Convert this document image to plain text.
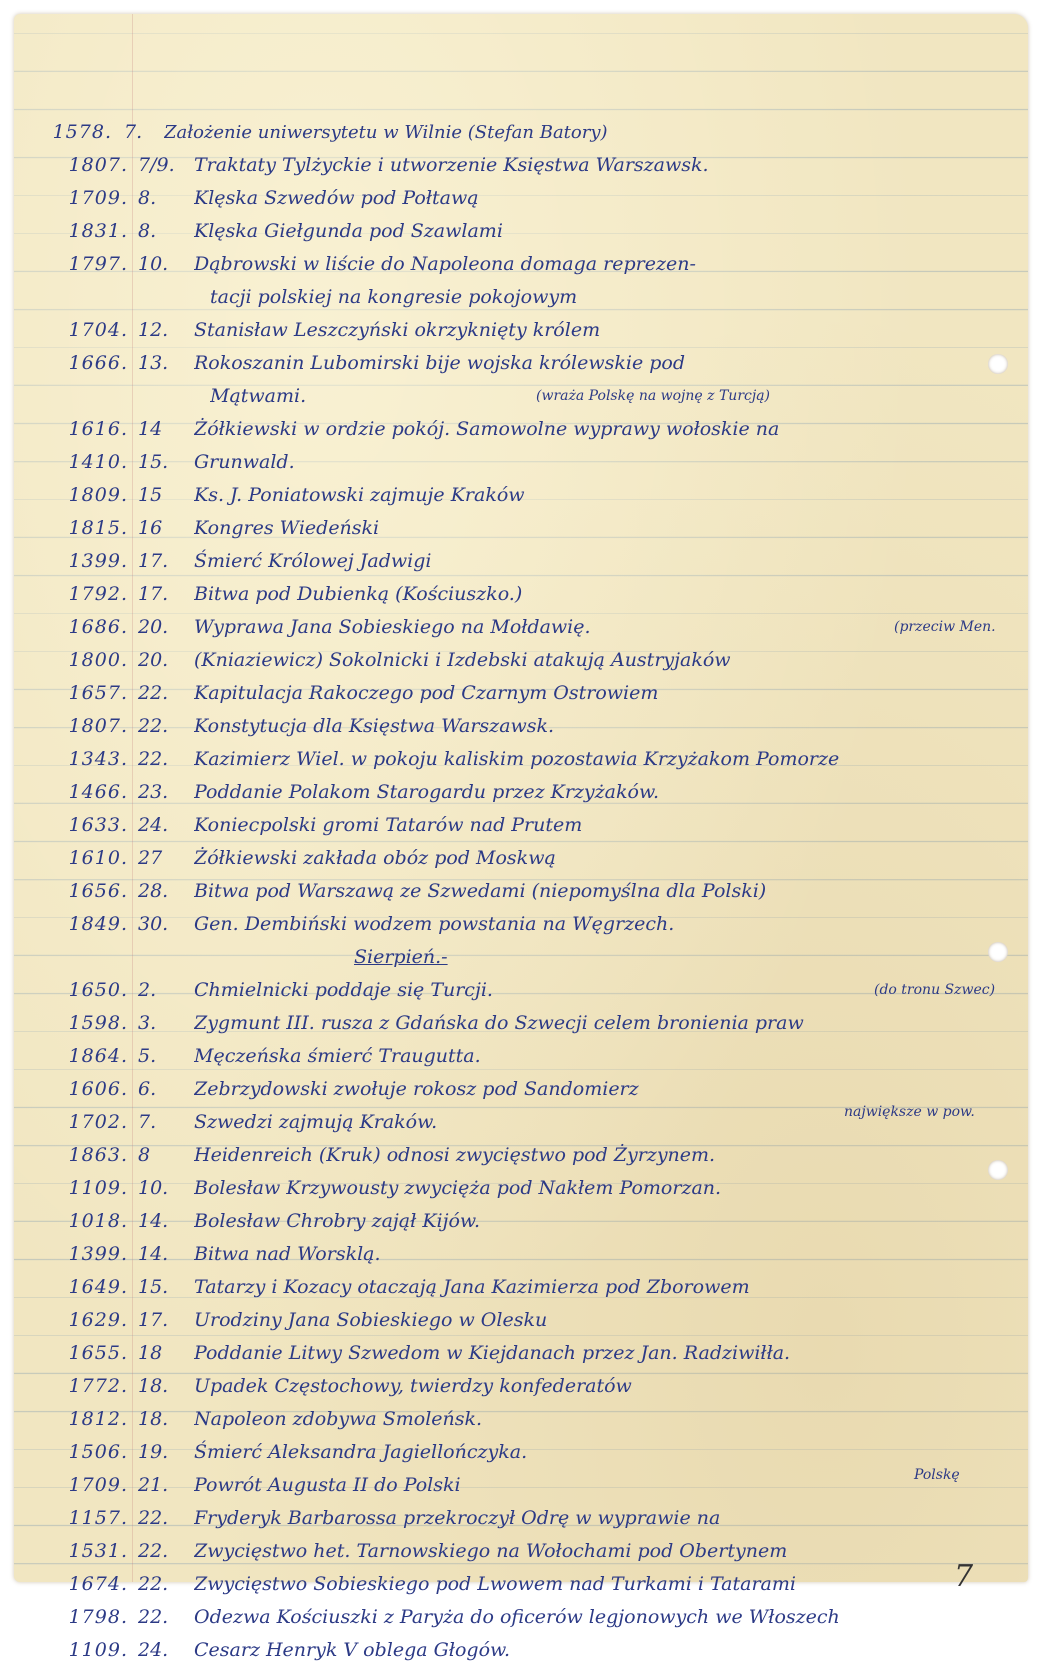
1578. 7.	Założenie uniwersytetu w Wilnie (Stefan Batory)
1807. 7/9.	Traktaty Tylżyckie i utworzenie Księstwa Warszawsk.
1709. 8.	Klęska Szwedów pod Połtawą
1831. 8.	Klęska Giełgunda pod Szawlami
1797. 10.	Dąbrowski w liście do Napoleona domaga reprezen-
tacji polskiej na kongresie pokojowym
1704. 12.	Stanisław Leszczyński okrzyknięty królem
1666. 13.	Rokoszanin Lubomirski bije wojska królewskie pod
Mątwami.	(wraża Polskę na wojnę z Turcją)
1616. 14	Żółkiewski w ordzie pokój. Samowolne wyprawy wołoskie na
1410. 15.	Grunwald.
1809. 15	Ks. J. Poniatowski zajmuje Kraków
1815. 16	Kongres Wiedeński
1399. 17.	Śmierć Królowej Jadwigi
1792. 17.	Bitwa pod Dubienką (Kościuszko.)
1686. 20.	Wyprawa Jana Sobieskiego na Mołdawię.	(przeciw Men.
1800. 20.	(Kniaziewicz) Sokolnicki i Izdebski atakują Austryjaków
1657. 22.	Kapitulacja Rakoczego pod Czarnym Ostrowiem
1807. 22.	Konstytucja dla Księstwa Warszawsk.
1343. 22.	Kazimierz Wiel. w pokoju kaliskim pozostawia Krzyżakom Pomorze
1466. 23.	Poddanie Polakom Starogardu przez Krzyżaków.
1633. 24.	Koniecpolski gromi Tatarów nad Prutem
1610. 27	Żółkiewski zakłada obóz pod Moskwą
1656. 28.	Bitwa pod Warszawą ze Szwedami (niepomyślna dla Polski)
1849. 30.	Gen. Dembiński wodzem powstania na Węgrzech.
Sierpień.-
1650. 2.	Chmielnicki poddaje się Turcji.	(do tronu Szwec)
1598. 3.	Zygmunt III. rusza z Gdańska do Szwecji celem bronienia praw
1864. 5.	Męczeńska śmierć Traugutta.
1606. 6.	Zebrzydowski zwołuje rokosz pod Sandomierz
1702. 7.	Szwedzi zajmują Kraków.	największe w pow.
1863. 8	Heidenreich (Kruk) odnosi zwycięstwo pod Żyrzynem.
1109. 10.	Bolesław Krzywousty zwycięża pod Nakłem Pomorzan.
1018. 14.	Bolesław Chrobry zajął Kijów.
1399. 14.	Bitwa nad Worsklą.
1649. 15.	Tatarzy i Kozacy otaczają Jana Kazimierza pod Zborowem
1629. 17.	Urodziny Jana Sobieskiego w Olesku
1655. 18	Poddanie Litwy Szwedom w Kiejdanach przez Jan. Radziwiłła.
1772. 18.	Upadek Częstochowy, twierdzy konfederatów
1812. 18.	Napoleon zdobywa Smoleńsk.
1506. 19.	Śmierć Aleksandra Jagiellończyka.
1709. 21.	Powrót Augusta II do Polski	Polskę
1157. 22.	Fryderyk Barbarossa przekroczył Odrę w wyprawie na
1531. 22.	Zwycięstwo het. Tarnowskiego na Wołochami pod Obertynem
1674. 22.	Zwycięstwo Sobieskiego pod Lwowem nad Turkami i Tatarami
1798. 22.	Odezwa Kościuszki z Paryża do oficerów legjonowych we Włoszech
1109. 24.	Cesarz Henryk V oblega Głogów.
7
